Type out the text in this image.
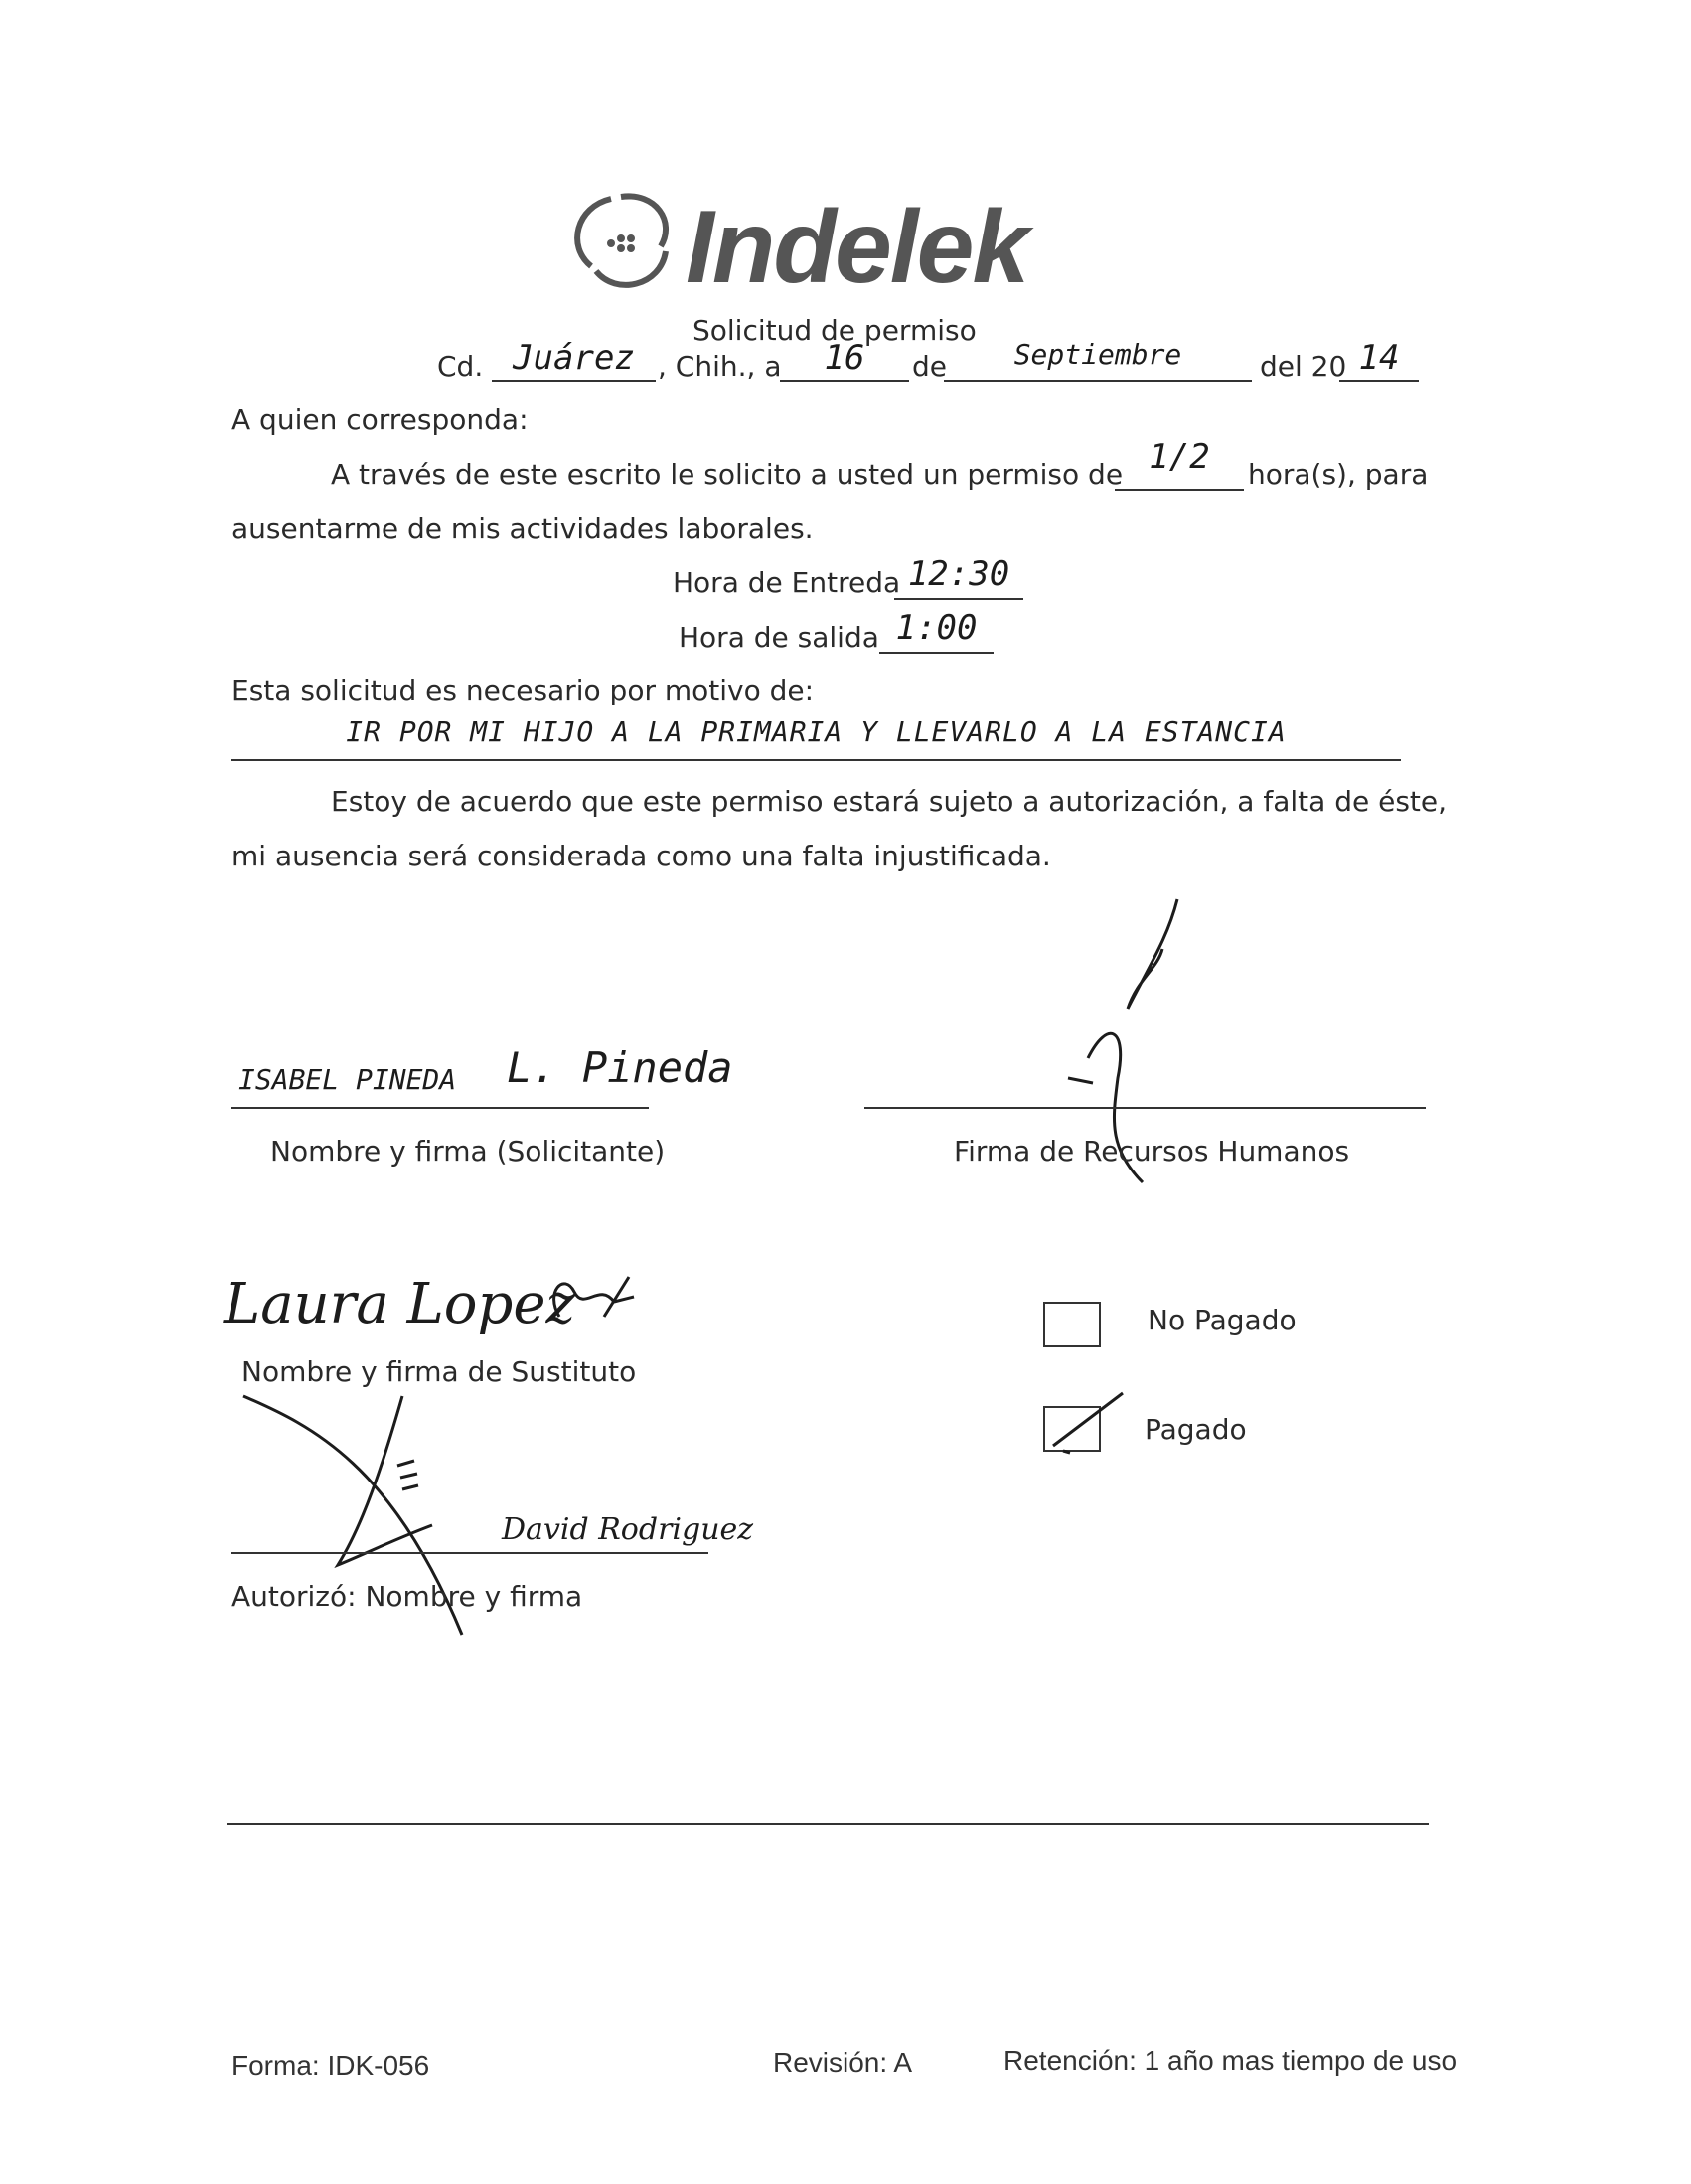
Indelek
Solicitud de permiso
Cd. Juárez , Chih., a	16	de	Septiembre	del 20 14
A quien corresponda:
A través de este escrito le solicito a usted un permiso de 1/2	hora(s), para
ausentarme de mis actividades laborales.
Hora de Entreda 12:30
Hora de salida 1:00
Esta solicitud es necesario por motivo de:
IR POR MI HIJO A LA PRIMARIA Y LLEVARLO A LA ESTANCIA
Estoy de acuerdo que este permiso estará sujeto a autorización, a falta de éste,
mi ausencia será considerada como una falta injustificada.
ISABEL PINEDA L. Pineda
Nombre y firma (Solicitante)	Firma de Recursos Humanos
Laura Lopez
Nombre y firma de Sustituto
David Rodriguez
Autorizó: Nombre y firma
No Pagado
Pagado
Forma: IDK-056	Revisión: A	Retención: 1 año mas tiempo de uso
